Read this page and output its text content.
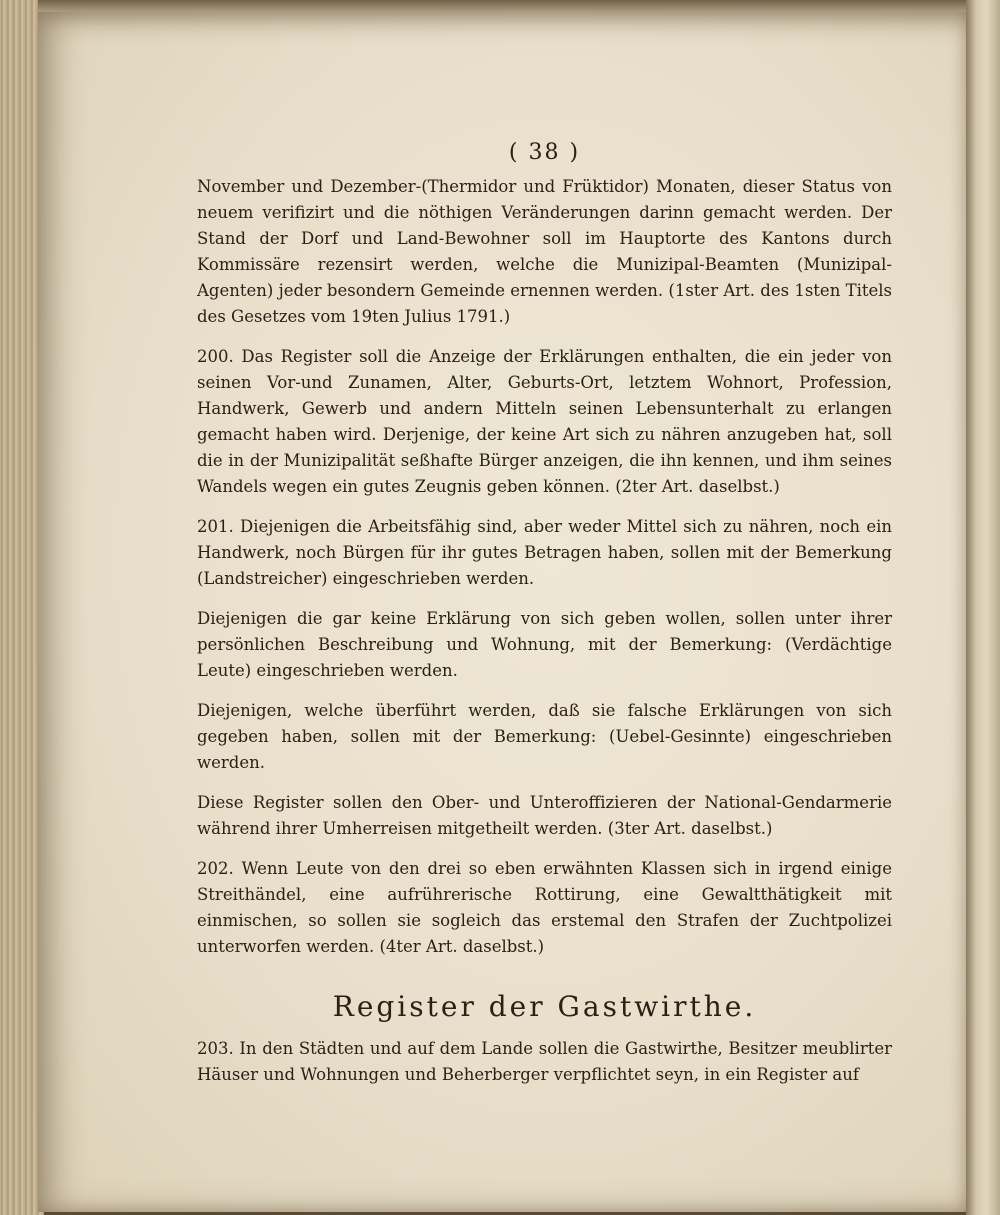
( 38 )

November und Dezember-(Thermidor und Früktidor) Monaten, dieser Status von neuem verifizirt und die nöthigen Veränderungen darinn gemacht werden. Der Stand der Dorf und Land-Bewohner soll im Hauptorte des Kantons durch Kommissäre rezensirt werden, welche die Munizipal-Beamten (Munizipal-Agenten) jeder besondern Gemeinde ernennen werden. (1ster Art. des 1sten Titels des Gesetzes vom 19ten Julius 1791.)

200. Das Register soll die Anzeige der Erklärungen enthalten, die ein jeder von seinen Vor-und Zunamen, Alter, Geburts-Ort, letztem Wohnort, Profession, Handwerk, Gewerb und andern Mitteln seinen Lebensunterhalt zu erlangen gemacht haben wird. Derjenige, der keine Art sich zu nähren anzugeben hat, soll die in der Munizipalität seßhafte Bürger anzeigen, die ihn kennen, und ihm seines Wandels wegen ein gutes Zeugnis geben können. (2ter Art. daselbst.)

201. Diejenigen die Arbeitsfähig sind, aber weder Mittel sich zu nähren, noch ein Handwerk, noch Bürgen für ihr gutes Betragen haben, sollen mit der Bemerkung (Landstreicher) eingeschrieben werden.

Diejenigen die gar keine Erklärung von sich geben wollen, sollen unter ihrer persönlichen Beschreibung und Wohnung, mit der Bemerkung: (Verdächtige Leute) eingeschrieben werden.

Diejenigen, welche überführt werden, daß sie falsche Erklärungen von sich gegeben haben, sollen mit der Bemerkung: (Uebel-Gesinnte) eingeschrieben werden.

Diese Register sollen den Ober- und Unteroffizieren der National-Gendarmerie während ihrer Umherreisen mitgetheilt werden. (3ter Art. daselbst.)

202. Wenn Leute von den drei so eben erwähnten Klassen sich in irgend einige Streithändel, eine aufrührerische Rottirung, eine Gewaltthätigkeit mit einmischen, so sollen sie sogleich das erstemal den Strafen der Zuchtpolizei unterworfen werden. (4ter Art. daselbst.)

Register der Gastwirthe.

203. In den Städten und auf dem Lande sollen die Gastwirthe, Besitzer meublirter Häuser und Wohnungen und Beherberger verpflichtet seyn, in ein Register auf
